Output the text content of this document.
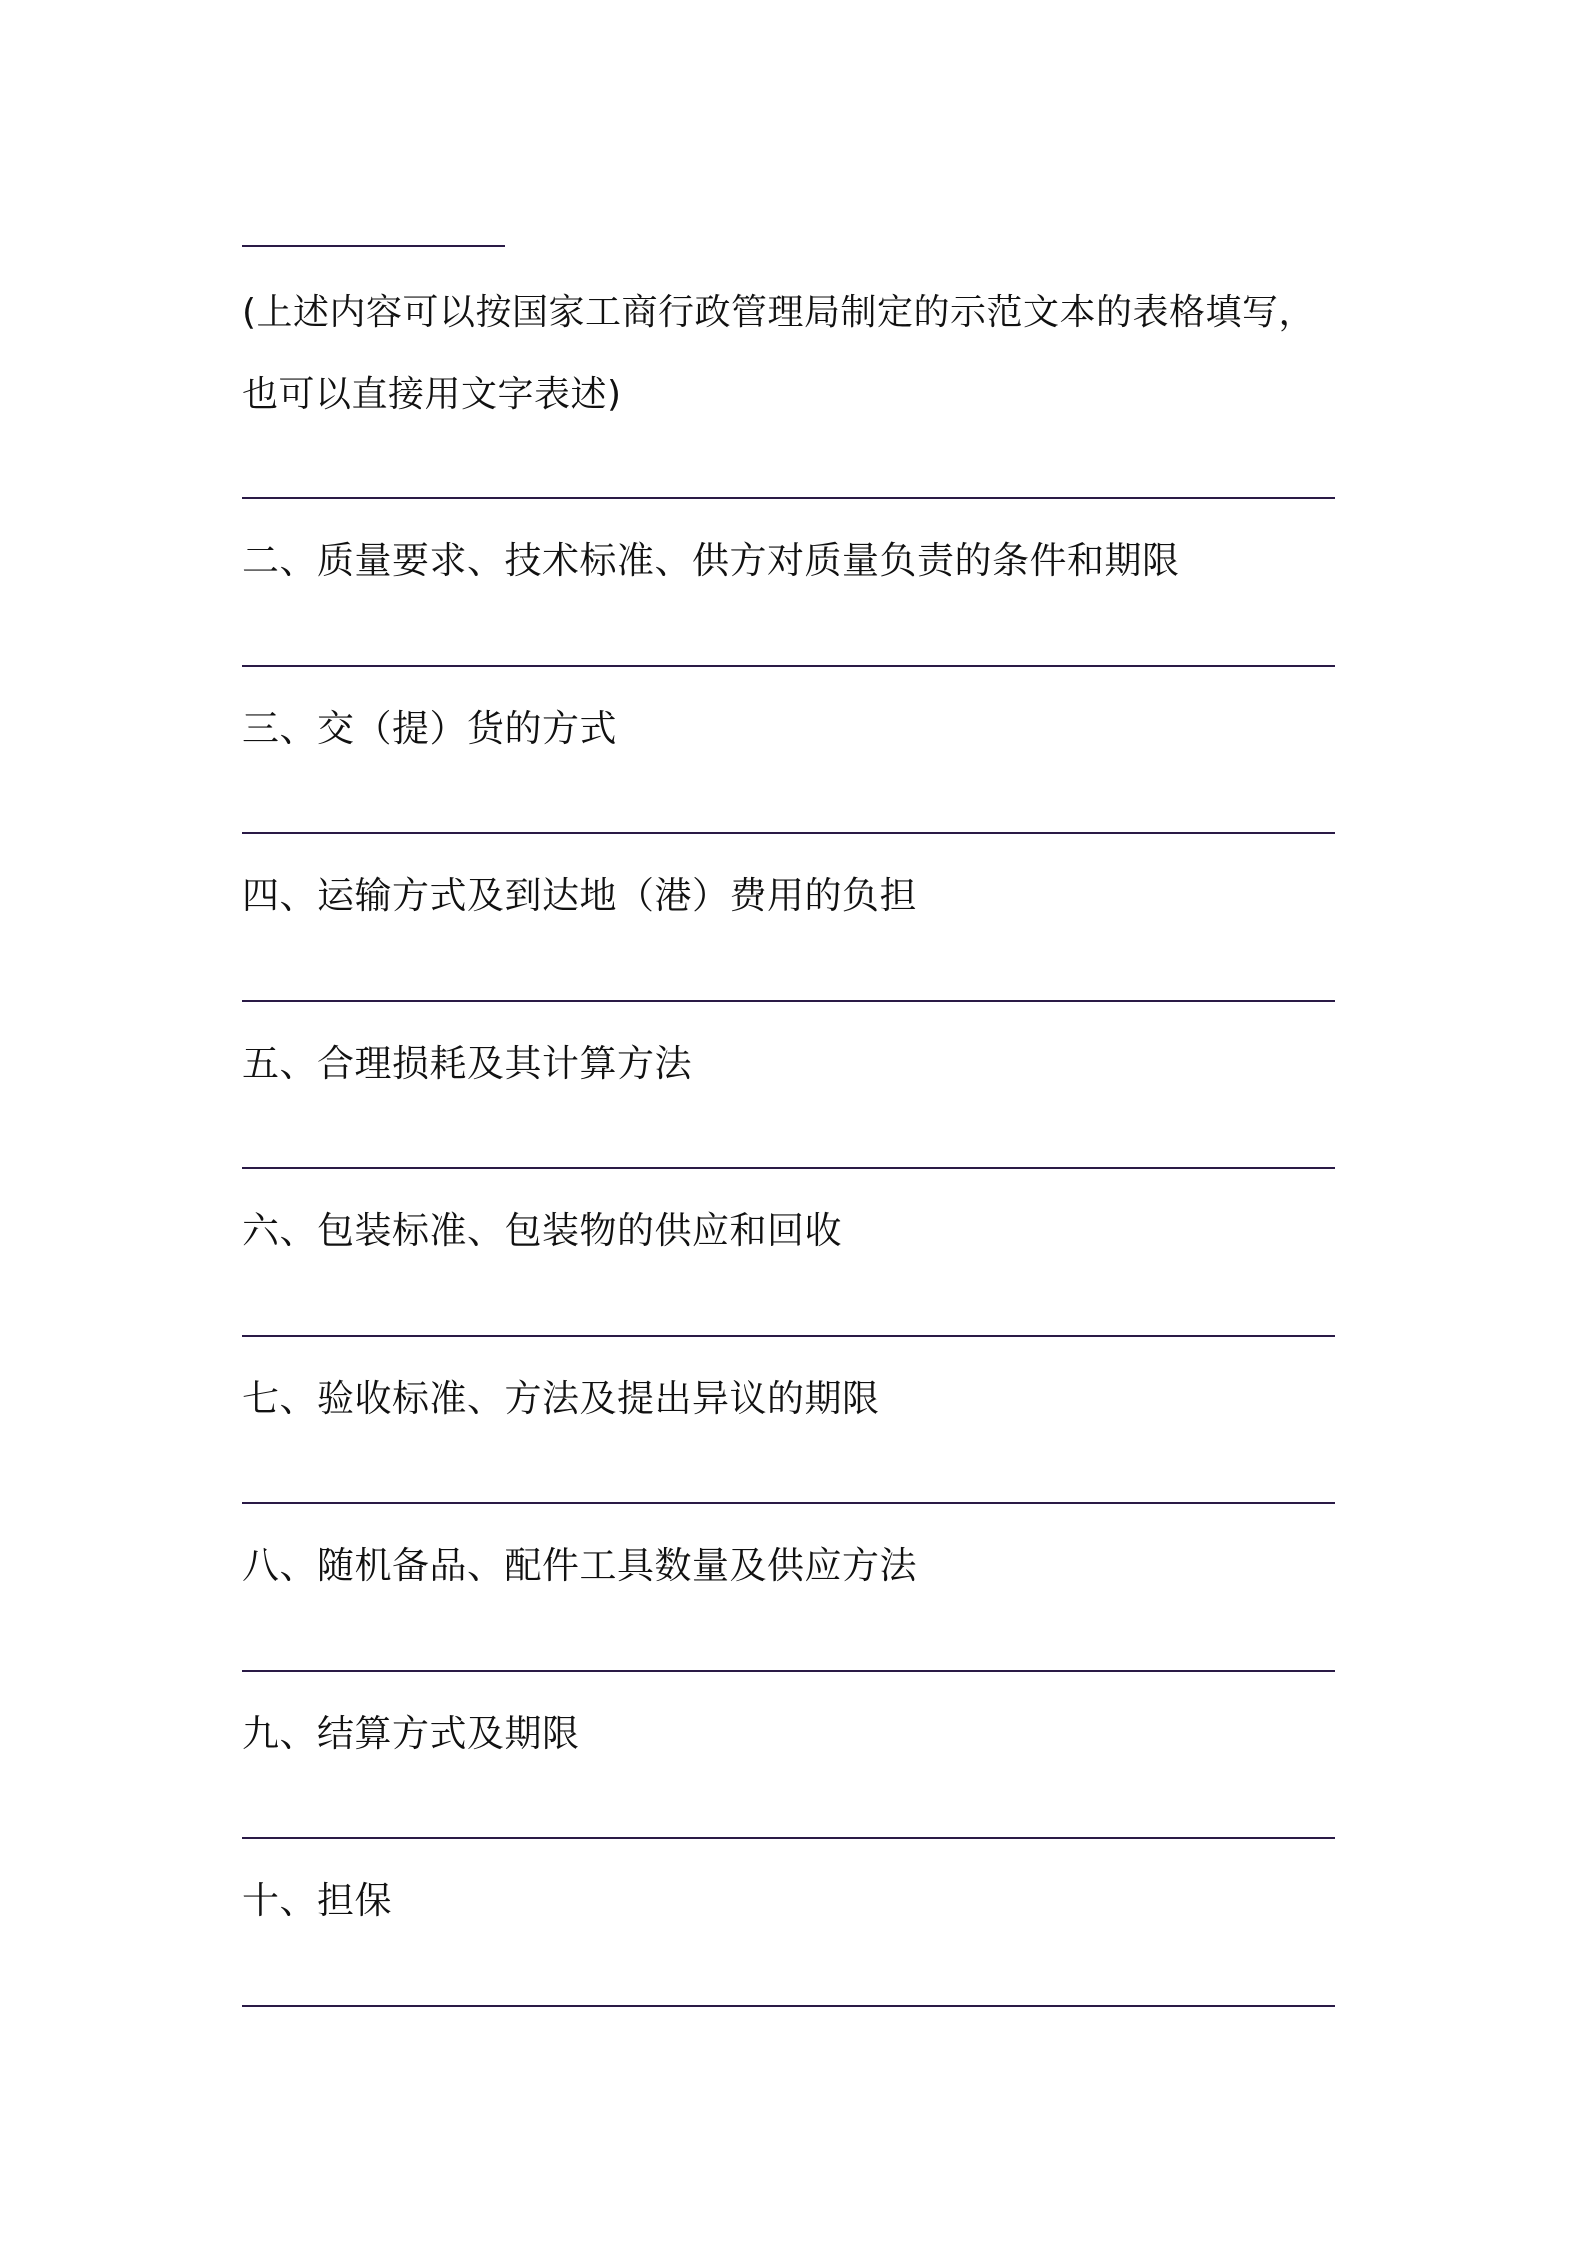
(上述内容可以按国家工商行政管理局制定的示范文本的表格填写，
也可以直接用文字表述)
二、质量要求、技术标准、供方对质量负责的条件和期限
三、交（提）货的方式
四、运输方式及到达地（港）费用的负担
五、合理损耗及其计算方法
六、包装标准、包装物的供应和回收
七、验收标准、方法及提出异议的期限
八、随机备品、配件工具数量及供应方法
九、结算方式及期限
十、担保
